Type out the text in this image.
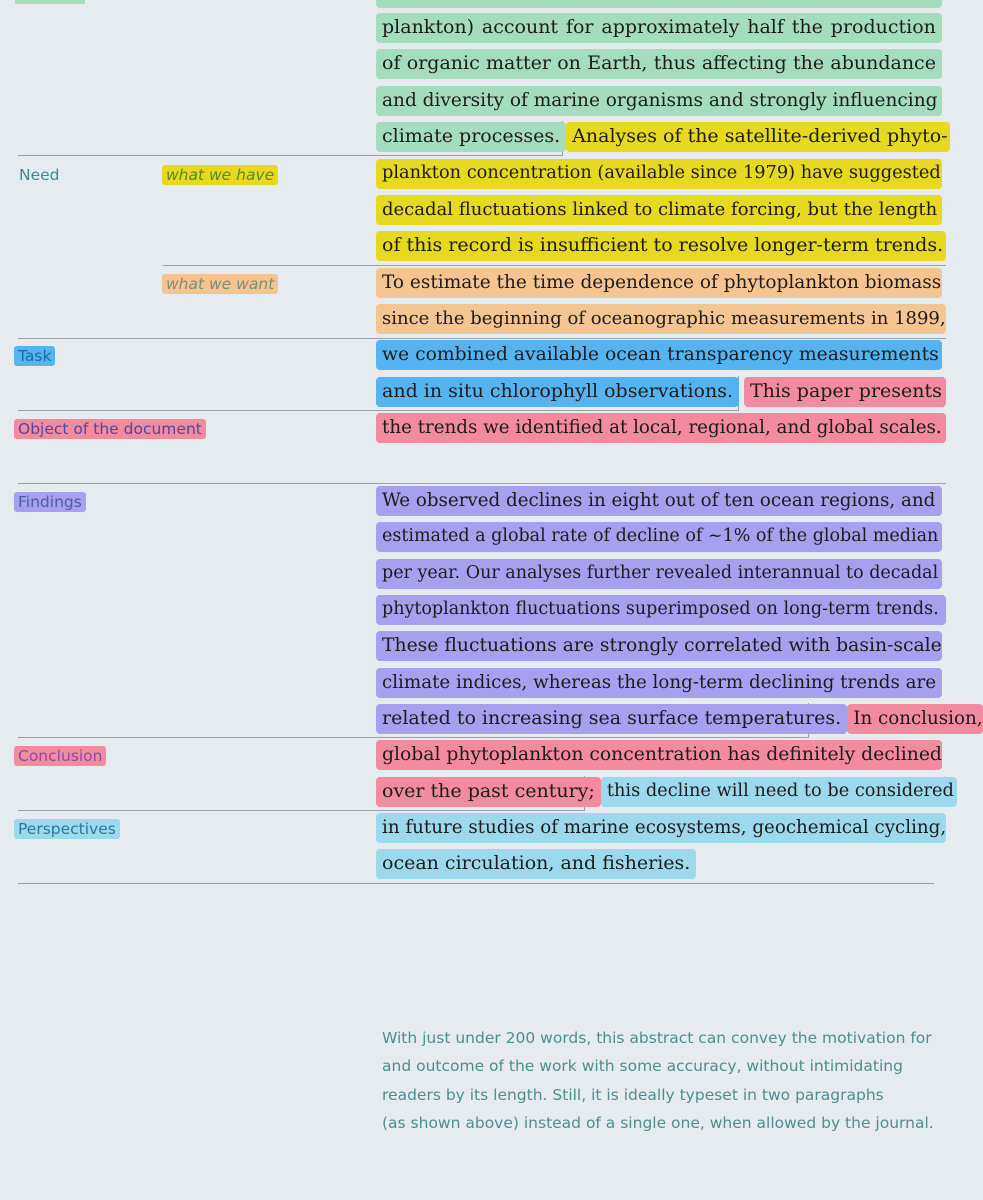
Need	what we have
what we want
Task
Object of the document
Findings
Conclusion
Perspectives
plankton) account for approximately half the production
of organic matter on Earth, thus affecting the abundance
and diversity of marine organisms and strongly influencing
climate processes. Analyses of the satellite-derived phyto-
plankton concentration (available since 1979) have suggested
decadal fluctuations linked to climate forcing, but the length
of this record is insufficient to resolve longer-term trends.
To estimate the time dependence of phytoplankton biomass
since the beginning of oceanographic measurements in 1899,
we combined available ocean transparency measurements
and in situ chlorophyll observations. This paper presents
the trends we identified at local, regional, and global scales.
We observed declines in eight out of ten ocean regions, and
estimated a global rate of decline of ~1% of the global median
per year. Our analyses further revealed interannual to decadal
phytoplankton fluctuations superimposed on long-term trends.
These fluctuations are strongly correlated with basin-scale
climate indices, whereas the long-term declining trends are
related to increasing sea surface temperatures. In conclusion,
global phytoplankton concentration has definitely declined
over the past century; this decline will need to be considered
in future studies of marine ecosystems, geochemical cycling,
ocean circulation, and fisheries.
With just under 200 words, this abstract can convey the motivation for
and outcome of the work with some accuracy, without intimidating
readers by its length. Still, it is ideally typeset in two paragraphs
(as shown above) instead of a single one, when allowed by the journal.
